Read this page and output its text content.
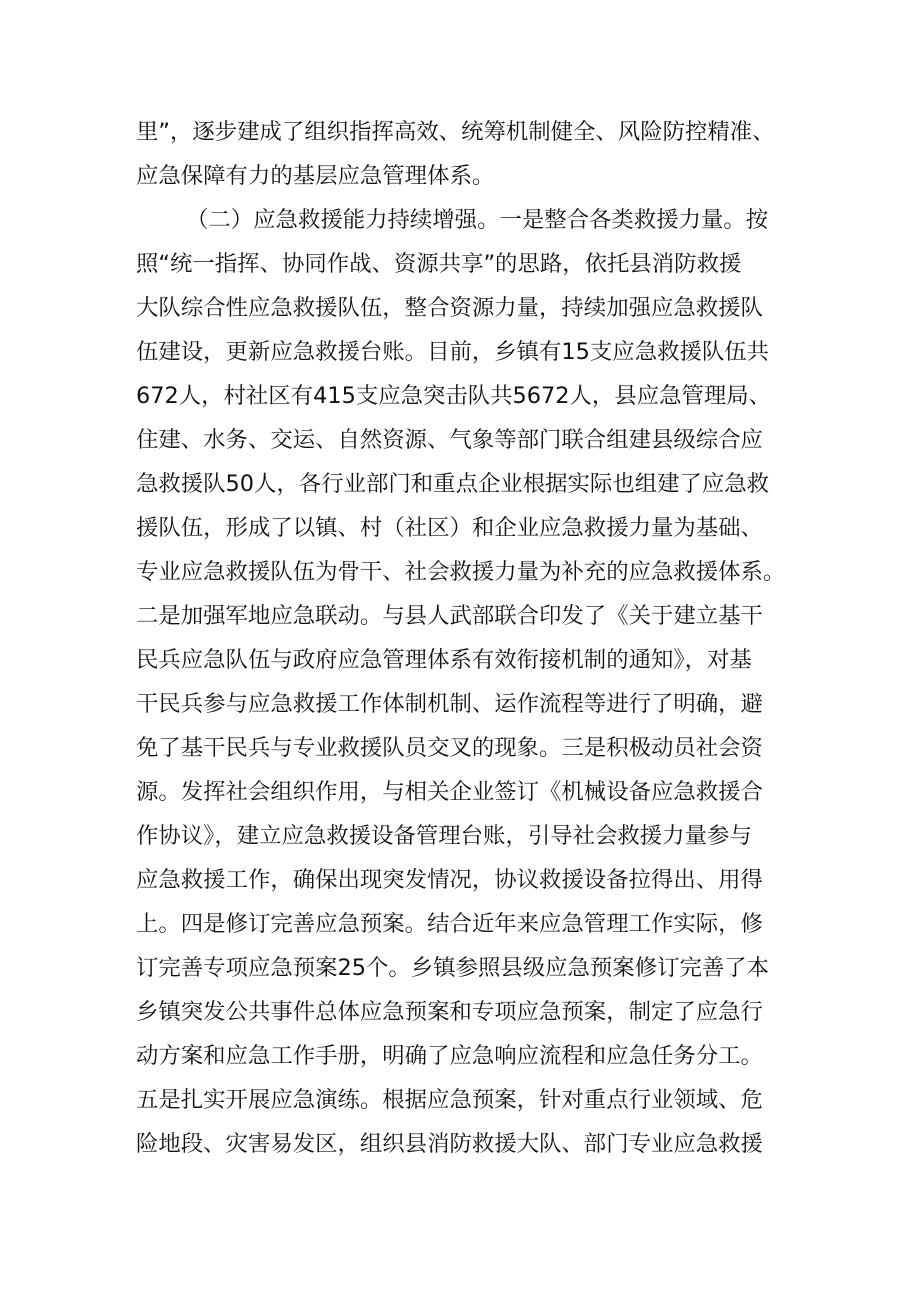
里”，逐步建成了组织指挥高效、统筹机制健全、风险防控精准、
应急保障有力的基层应急管理体系。
（二）应急救援能力持续增强。一是整合各类救援力量。按
照“统一指挥、协同作战、资源共享”的思路，依托县消防救援
大队综合性应急救援队伍，整合资源力量，持续加强应急救援队
伍建设，更新应急救援台账。目前，乡镇有15支应急救援队伍共
672人，村社区有415支应急突击队共5672人，县应急管理局、
住建、水务、交运、自然资源、气象等部门联合组建县级综合应
急救援队50人，各行业部门和重点企业根据实际也组建了应急救
援队伍，形成了以镇、村（社区）和企业应急救援力量为基础、
专业应急救援队伍为骨干、社会救援力量为补充的应急救援体系。
二是加强军地应急联动。与县人武部联合印发了《关于建立基干
民兵应急队伍与政府应急管理体系有效衔接机制的通知》，对基
干民兵参与应急救援工作体制机制、运作流程等进行了明确，避
免了基干民兵与专业救援队员交叉的现象。三是积极动员社会资
源。发挥社会组织作用，与相关企业签订《机械设备应急救援合
作协议》，建立应急救援设备管理台账，引导社会救援力量参与
应急救援工作，确保出现突发情况，协议救援设备拉得出、用得
上。四是修订完善应急预案。结合近年来应急管理工作实际，修
订完善专项应急预案25个。乡镇参照县级应急预案修订完善了本
乡镇突发公共事件总体应急预案和专项应急预案，制定了应急行
动方案和应急工作手册，明确了应急响应流程和应急任务分工。
五是扎实开展应急演练。根据应急预案，针对重点行业领域、危
险地段、灾害易发区，组织县消防救援大队、部门专业应急救援
